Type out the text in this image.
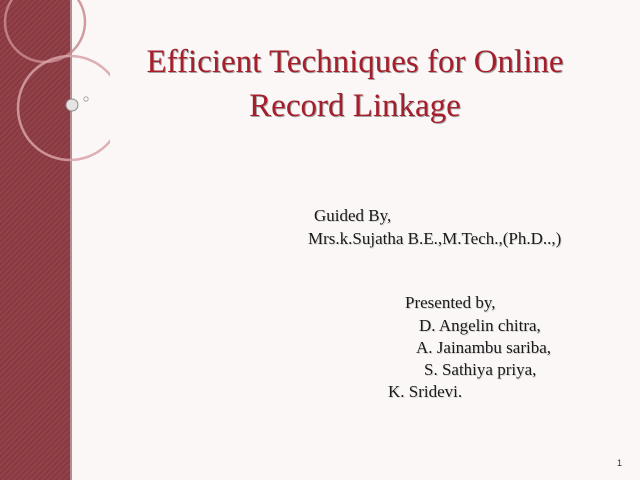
Efficient Techniques for Online
Record Linkage
Guided By,
Mrs.k.Sujatha B.E.,M.Tech.,(Ph.D..,)
Presented by,
D. Angelin chitra,
A. Jainambu sariba,
S. Sathiya priya,
K. Sridevi.
1
